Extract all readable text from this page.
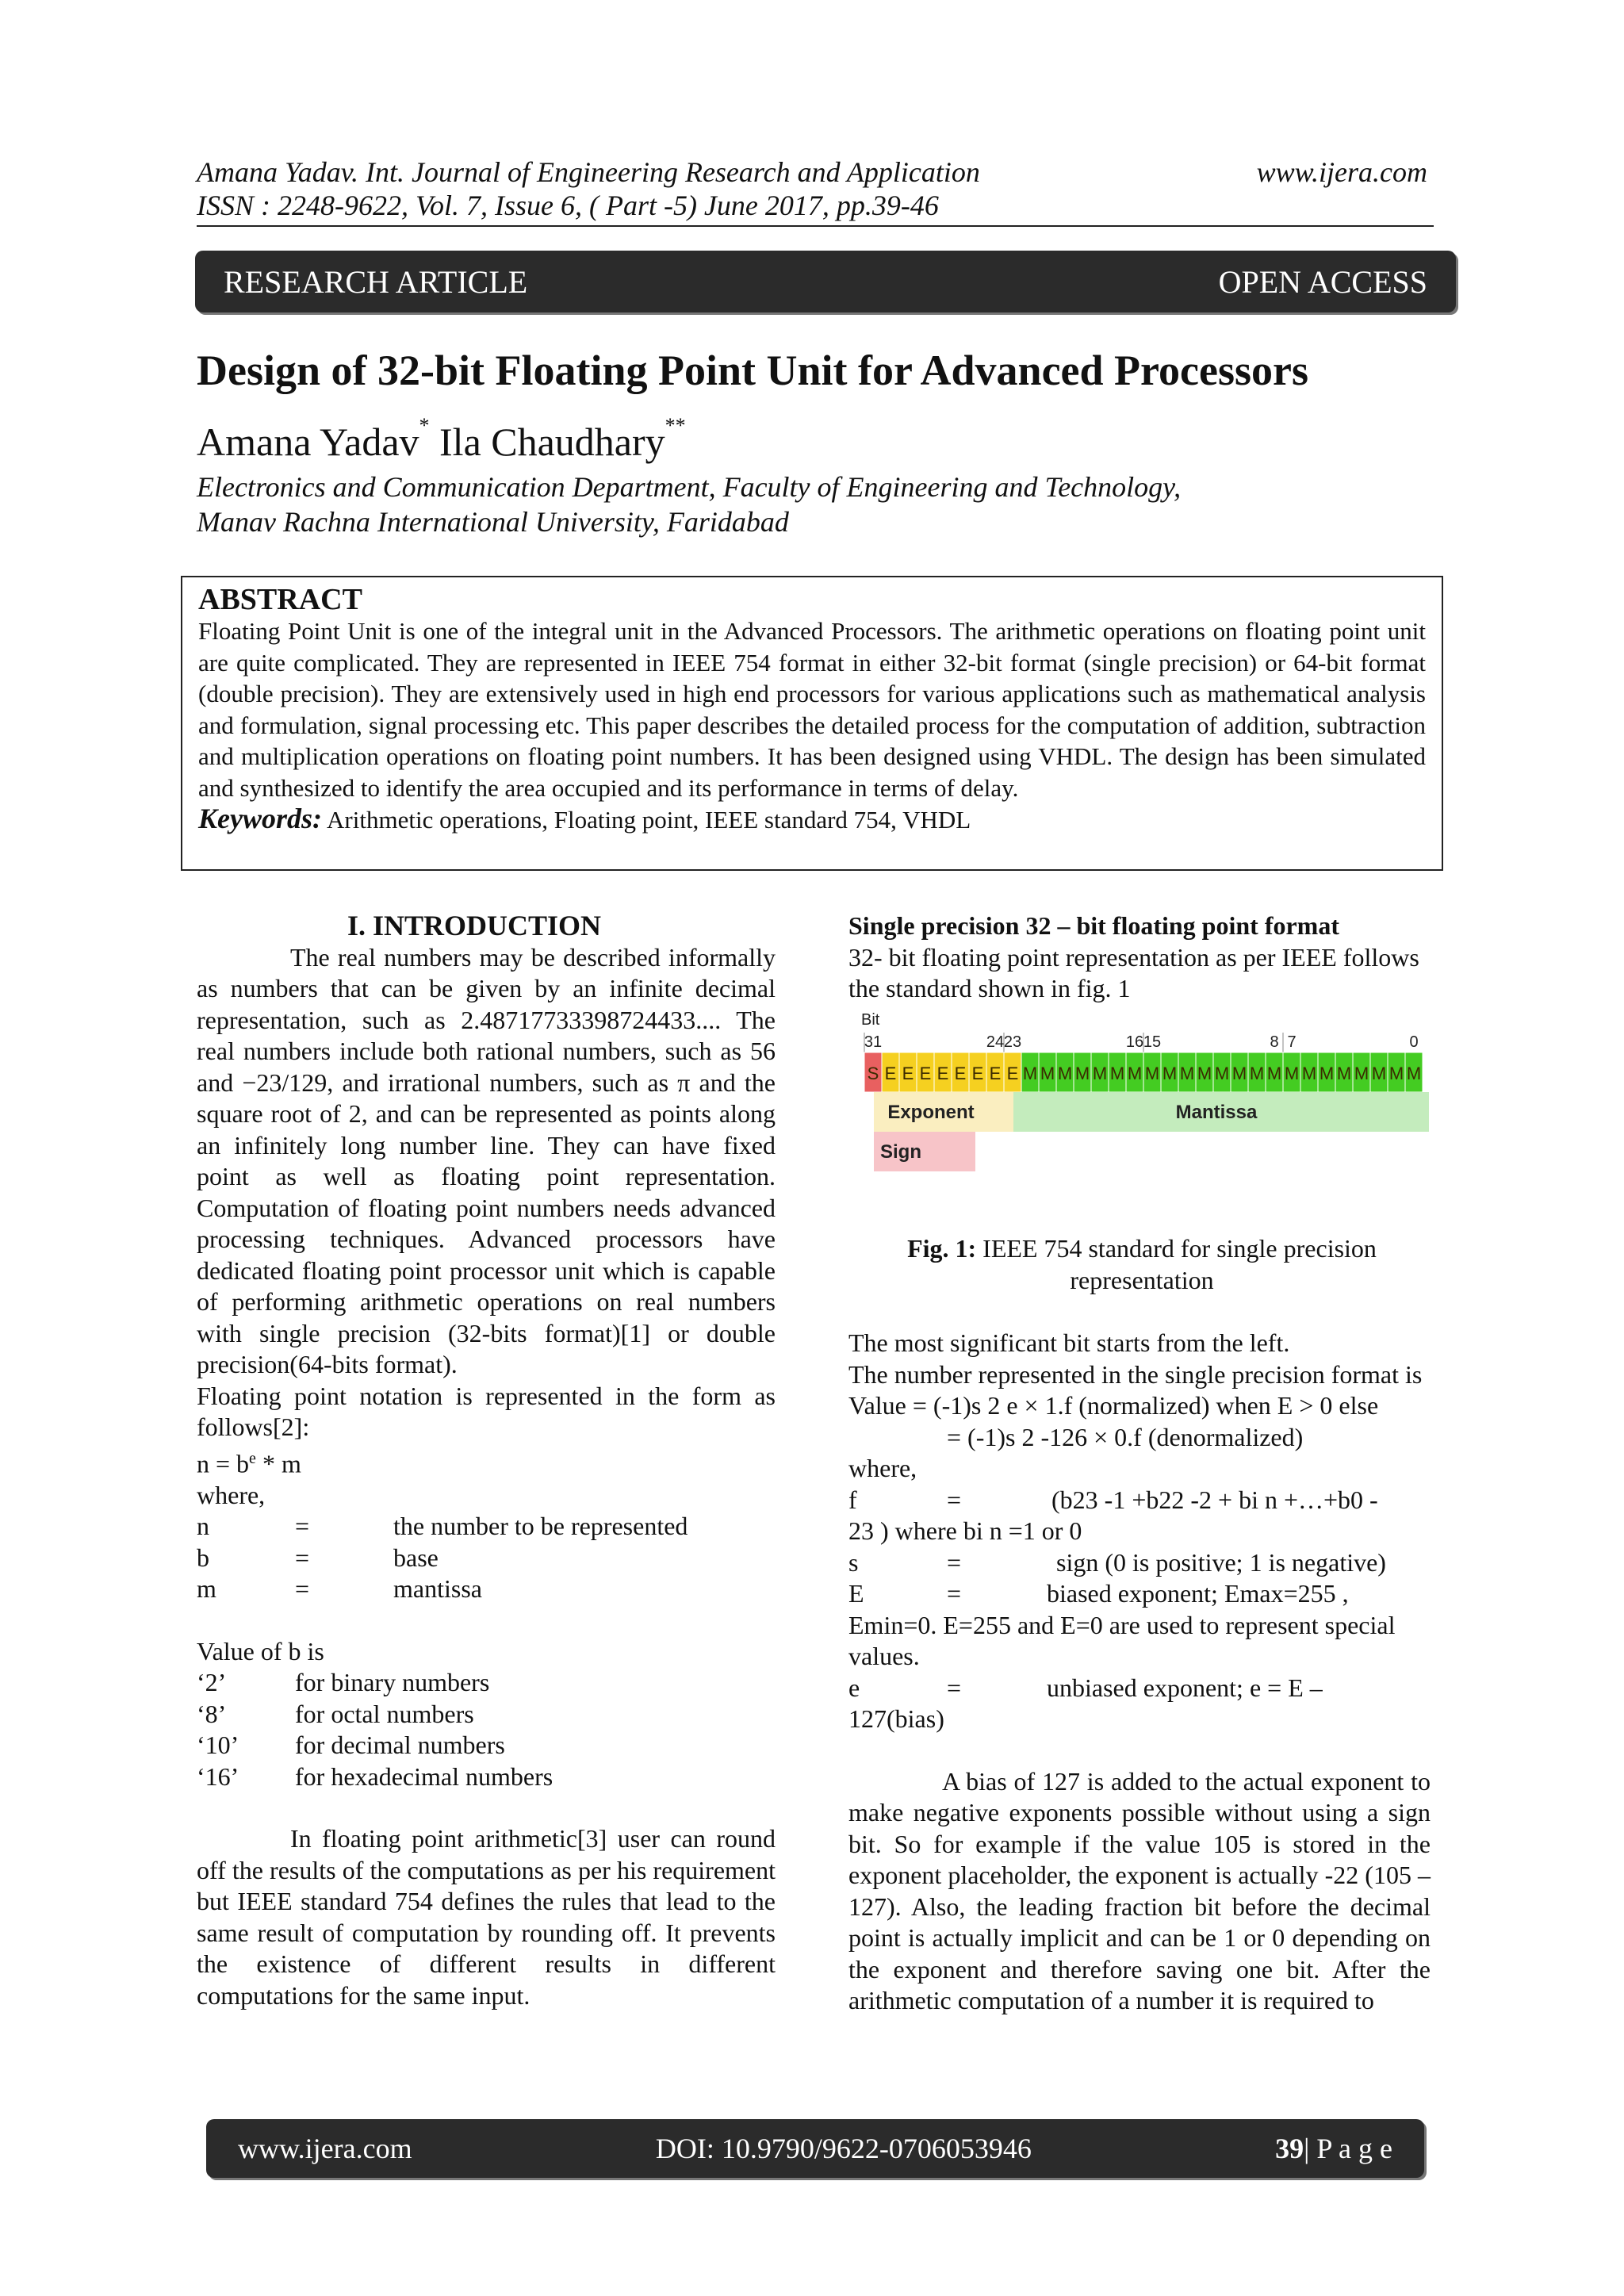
Amana Yadav. Int. Journal of Engineering Research and Application	www.ijera.com
ISSN : 2248-9622, Vol. 7, Issue 6, ( Part -5) June 2017, pp.39-46
RESEARCH ARTICLE	OPEN ACCESS
Design of 32-bit Floating Point Unit for Advanced Processors
Amana Yadav* Ila Chaudhary**
Electronics and Communication Department, Faculty of Engineering and Technology,
Manav Rachna International University, Faridabad
ABSTRACT

Floating Point Unit is one of the integral unit in the Advanced Processors. The arithmetic operations on floating point unit are quite complicated. They are represented in IEEE 754 format in either 32-bit format (single precision) or 64-bit format (double precision). They are extensively used in high end processors for various applications such as mathematical analysis and formulation, signal processing etc. This paper describes the detailed process for the computation of addition, subtraction and multiplication operations on floating point numbers. It has been designed using VHDL. The design has been simulated and synthesized to identify the area occupied and its performance in terms of delay.

Keywords: Arithmetic operations, Floating point, IEEE standard 754, VHDL

I. INTRODUCTION

The real numbers may be described informally as numbers that can be given by an infinite decimal representation, such as 2.48717733398724433.... The real numbers include both rational numbers, such as 56 and −23/129, and irrational numbers, such as π and the square root of 2, and can be represented as points along an infinitely long number line. They can have fixed point as well as floating point representation. Computation of floating point numbers needs advanced processing techniques. Advanced processors have dedicated floating point processor unit which is capable of performing arithmetic operations on real numbers with single precision (32-bits format)[1] or double precision(64-bits format).

Floating point notation is represented in the form as follows[2]:

$n = b^e * m$

where,

n	=	the number to be represented
b	=	base
m	=	mantissa

Value of b is

‘2’	for binary numbers
‘8’	for octal numbers
‘10’	for decimal numbers
‘16’	for hexadecimal numbers

In floating point arithmetic[3] user can round off the results of the computations as per his requirement but IEEE standard 754 defines the rules that lead to the same result of computation by rounding off. It prevents the existence of different results in different computations for the same input.

Single precision 32 – bit floating point format

32- bit floating point representation as per IEEE follows the standard shown in fig. 1

Bit
31	24 23	16 15	8 7	0
S E E E E E E E E M M M M M M M M M M M M M M M M M M M M M M M
Exponent	Mantissa
Sign
Fig. 1: IEEE 754 standard for single precision representation

The most significant bit starts from the left.

The number represented in the single precision format is

Value = (-1)s 2 e × 1.f (normalized) when E > 0 else

= (-1)s 2 -126 × 0.f (denormalized)

where,

f	=	(b23 -1 +b22 -2 + bi n +…+b0 -

23 ) where bi n =1 or 0

s	=	sign (0 is positive; 1 is negative)
E	=	biased exponent; Emax=255 ,

Emin=0. E=255 and E=0 are used to represent special values.

e	=	unbiased exponent; e = E –

127(bias)

A bias of 127 is added to the actual exponent to make negative exponents possible without using a sign bit. So for example if the value 105 is stored in the exponent placeholder, the exponent is actually -22 (105 – 127). Also, the leading fraction bit before the decimal point is actually implicit and can be 1 or 0 depending on the exponent and therefore saving one bit. After the arithmetic computation of a number it is required to

www.ijera.com	DOI: 10.9790/9622-0706053946	39| P a g e
